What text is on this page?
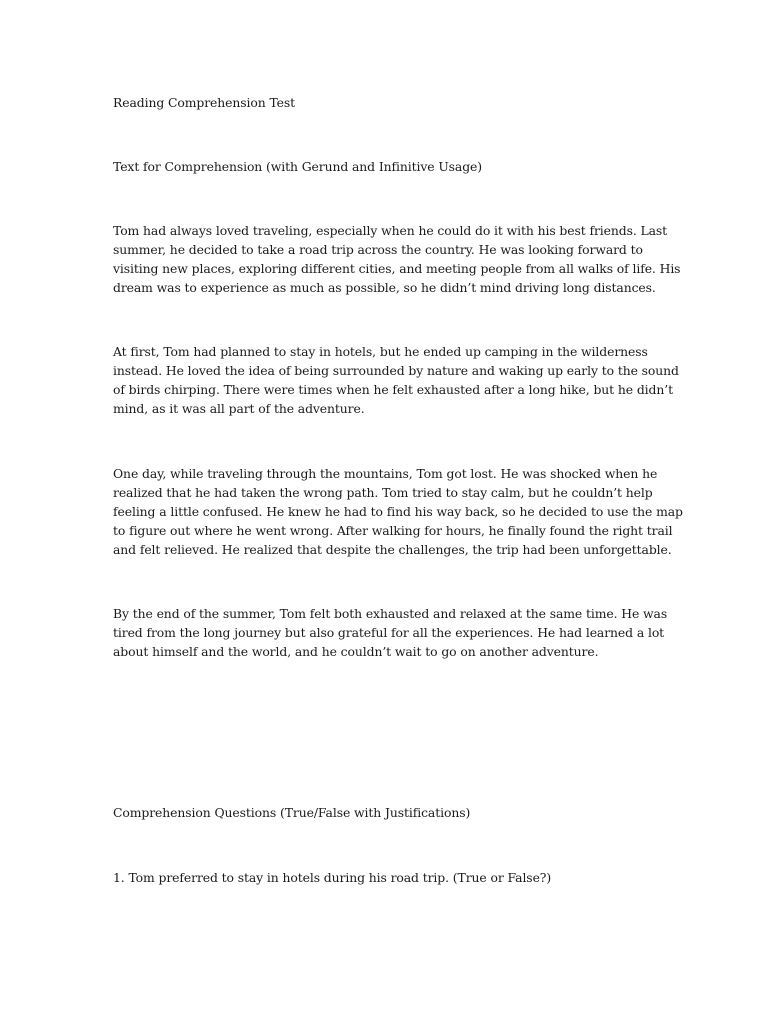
Reading Comprehension Test
Text for Comprehension (with Gerund and Infinitive Usage)
Tom had always loved traveling, especially when he could do it with his best friends. Last
summer, he decided to take a road trip across the country. He was looking forward to
visiting new places, exploring different cities, and meeting people from all walks of life. His
dream was to experience as much as possible, so he didn’t mind driving long distances.
At first, Tom had planned to stay in hotels, but he ended up camping in the wilderness
instead. He loved the idea of being surrounded by nature and waking up early to the sound
of birds chirping. There were times when he felt exhausted after a long hike, but he didn’t
mind, as it was all part of the adventure.
One day, while traveling through the mountains, Tom got lost. He was shocked when he
realized that he had taken the wrong path. Tom tried to stay calm, but he couldn’t help
feeling a little confused. He knew he had to find his way back, so he decided to use the map
to figure out where he went wrong. After walking for hours, he finally found the right trail
and felt relieved. He realized that despite the challenges, the trip had been unforgettable.
By the end of the summer, Tom felt both exhausted and relaxed at the same time. He was
tired from the long journey but also grateful for all the experiences. He had learned a lot
about himself and the world, and he couldn’t wait to go on another adventure.
Comprehension Questions (True/False with Justifications)
1. Tom preferred to stay in hotels during his road trip. (True or False?)
